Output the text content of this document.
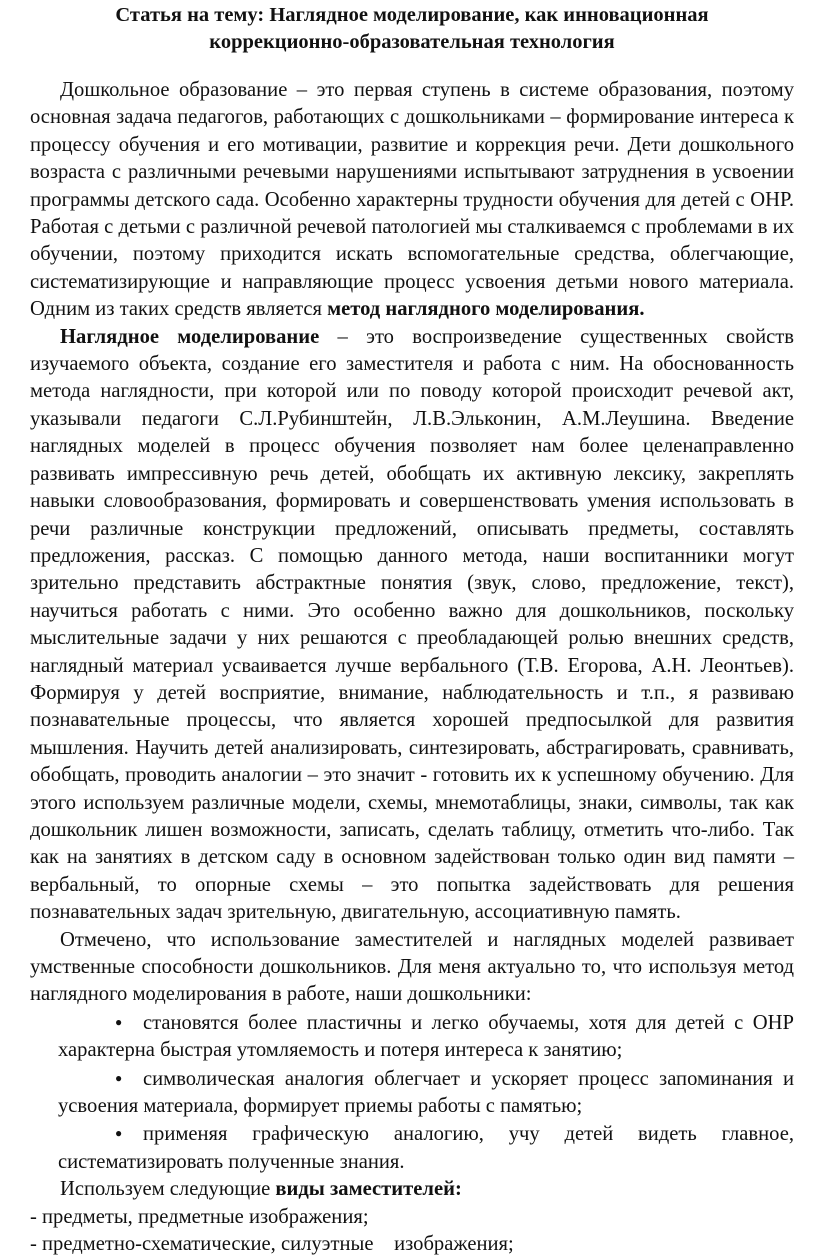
Статья на тему: Наглядное моделирование, как инновационная
коррекционно-образовательная технология

Дошкольное образование – это первая ступень в системе образования, поэтому основная задача педагогов, работающих с дошкольниками – формирование интереса к процессу обучения и его мотивации, развитие и коррекция речи. Дети дошкольного возраста с различными речевыми нарушениями испытывают затруднения в усвоении программы детского сада. Особенно характерны трудности обучения для детей с ОНР. Работая с детьми с различной речевой патологией мы сталкиваемся с проблемами в их обучении, поэтому приходится искать вспомогательные средства, облегчающие, систематизирующие и направляющие процесс усвоения детьми нового материала. Одним из таких средств является метод наглядного моделирования.

Наглядное моделирование – это воспроизведение существенных свойств изучаемого объекта, создание его заместителя и работа с ним. На обоснованность метода наглядности, при которой или по поводу которой происходит речевой акт, указывали педагоги С.Л.Рубинштейн, Л.В.Эльконин, А.М.Леушина. Введение наглядных моделей в процесс обучения позволяет нам более целенаправленно развивать импрессивную речь детей, обобщать их активную лексику, закреплять навыки словообразования, формировать и совершенствовать умения использовать в речи различные конструкции предложений, описывать предметы, составлять предложения, рассказ. С помощью данного метода, наши воспитанники могут зрительно представить абстрактные понятия (звук, слово, предложение, текст), научиться работать с ними. Это особенно важно для дошкольников, поскольку мыслительные задачи у них решаются с преобладающей ролью внешних средств, наглядный материал усваивается лучше вербального (Т.В. Егорова, А.Н. Леонтьев). Формируя у детей восприятие, внимание, наблюдательность и т.п., я развиваю познавательные процессы, что является хорошей предпосылкой для развития мышления. Научить детей анализировать, синтезировать, абстрагировать, сравнивать, обобщать, проводить аналогии – это значит - готовить их к успешному обучению. Для этого используем различные модели, схемы, мнемотаблицы, знаки, символы, так как дошкольник лишен возможности, записать, сделать таблицу, отметить что-либо. Так как на занятиях в детском саду в основном задействован только один вид памяти – вербальный, то опорные схемы – это попытка задействовать для решения познавательных задач зрительную, двигательную, ассоциативную память.

Отмечено, что использование заместителей и наглядных моделей развивает умственные способности дошкольников. Для меня актуально то, что используя метод наглядного моделирования в работе, наши дошкольники:

● становятся более пластичны и легко обучаемы, хотя для детей с ОНР характерна быстрая утомляемость и потеря интереса к занятию;
● символическая аналогия облегчает и ускоряет процесс запоминания и усвоения материала, формирует приемы работы с памятью;
● применяя графическую аналогию, учу детей видеть главное, систематизировать полученные знания.

Используем следующие виды заместителей:

- предметы, предметные изображения;

- предметно-схематические, силуэтные    изображения;
